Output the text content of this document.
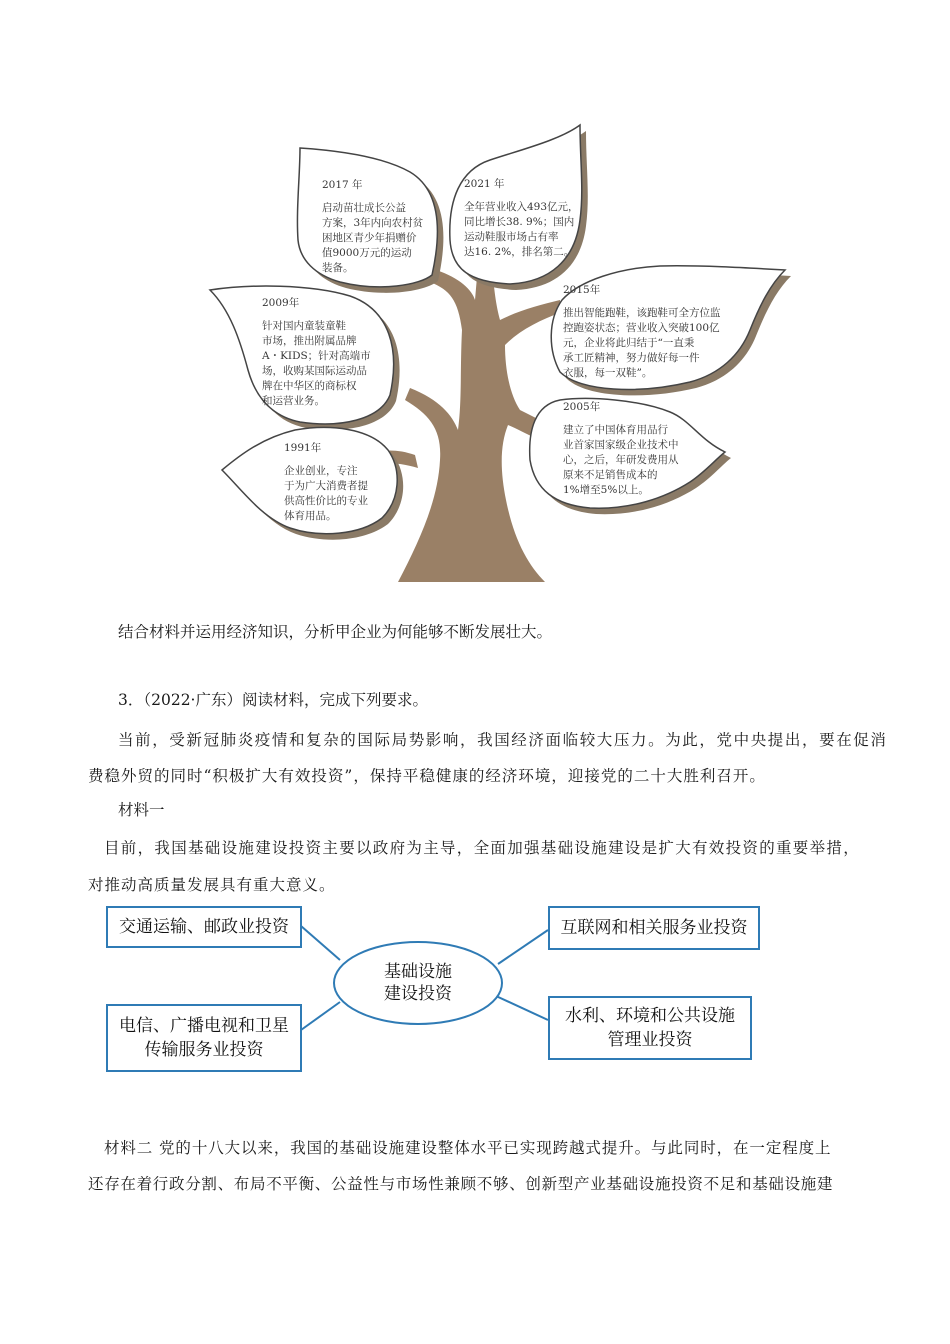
2017 年
启动苗壮成长公益
方案，3年内向农村贫
困地区青少年捐赠价
值9000万元的运动
装备。
2021 年
全年营业收入493亿元，
同比增长38. 9%；国内
运动鞋服市场占有率
达16. 2%，排名第二。
2009年
针对国内童装童鞋
市场，推出附属品牌
A・KIDS；针对高端市
场，收购某国际运动品
牌在中华区的商标权
和运营业务。
2015年
推出智能跑鞋，该跑鞋可全方位监
控跑姿状态；营业收入突破100亿
元，企业将此归结于“一直秉
承工匠精神，努力做好每一件
衣服，每一双鞋”。
2005年
建立了中国体育用品行
业首家国家级企业技术中
心，之后，年研发费用从
原来不足销售成本的
1%增至5%以上。
1991年
企业创业，专注
于为广大消费者提
供高性价比的专业
体育用品。
结合材料并运用经济知识，分析甲企业为何能够不断发展壮大。
3．（2022·广东）阅读材料，完成下列要求。
当前，受新冠肺炎疫情和复杂的国际局势影响，我国经济面临较大压力。为此，党中央提出，要在促消
费稳外贸的同时“积极扩大有效投资”，保持平稳健康的经济环境，迎接党的二十大胜利召开。
材料一
目前，我国基础设施建设投资主要以政府为主导，全面加强基础设施建设是扩大有效投资的重要举措，
对推动高质量发展具有重大意义。
基础设施
建设投资
交通运输、邮政业投资	互联网和相关服务业投资
电信、广播电视和卫星
传输服务业投资
水利、环境和公共设施
管理业投资
材料二 党的十八大以来，我国的基础设施建设整体水平已实现跨越式提升。与此同时，在一定程度上
还存在着行政分割、布局不平衡、公益性与市场性兼顾不够、创新型产业基础设施投资不足和基础设施建
